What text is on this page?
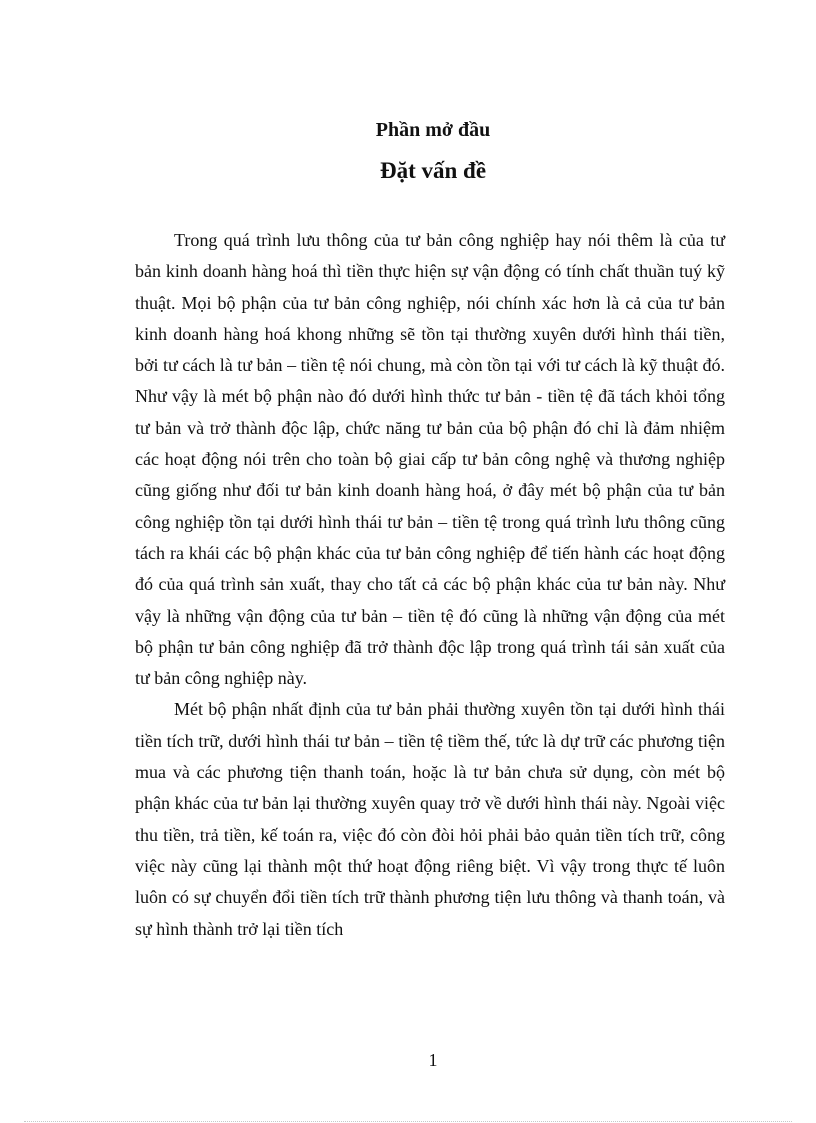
Phần mở đầu
Đặt vấn đề

Trong quá trình lưu thông của tư bản công nghiệp hay nói thêm là của tư bản kinh doanh hàng hoá thì tiền thực hiện sự vận động có tính chất thuần tuý kỹ thuật. Mọi bộ phận của tư bản công nghiệp, nói chính xác hơn là cả của tư bản kinh doanh hàng hoá khong những sẽ tồn tại thường xuyên dưới hình thái tiền, bởi tư cách là tư bản – tiền tệ nói chung, mà còn tồn tại với tư cách là kỹ thuật đó. Như vậy là mét bộ phận nào đó dưới hình thức tư bản - tiền tệ đã tách khỏi tổng tư bản và trở thành độc lập, chức năng tư bản của bộ phận đó chỉ là đảm nhiệm các hoạt động nói trên cho toàn bộ giai cấp tư bản công nghệ và thương nghiệp cũng giống như đối tư bản kinh doanh hàng hoá, ở đây mét bộ phận của tư bản công nghiệp tồn tại dưới hình thái tư bản – tiền tệ trong quá trình lưu thông cũng tách ra khái các bộ phận khác của tư bản công nghiệp để tiến hành các hoạt động đó của quá trình sản xuất, thay cho tất cả các bộ phận khác của tư bản này. Như vậy là những vận động của tư bản – tiền tệ đó cũng là những vận động của mét bộ phận tư bản công nghiệp đã trở thành độc lập trong quá trình tái sản xuất của tư bản công nghiệp này.

Mét bộ phận nhất định của tư bản phải thường xuyên tồn tại dưới hình thái tiền tích trữ, dưới hình thái tư bản – tiền tệ tiềm thế, tức là dự trữ các phương tiện mua và các phương tiện thanh toán, hoặc là tư bản chưa sử dụng, còn mét bộ phận khác của tư bản lại thường xuyên quay trở về dưới hình thái này. Ngoài việc thu tiền, trả tiền, kế toán ra, việc đó còn đòi hỏi phải bảo quản tiền tích trữ, công việc này cũng lại thành một thứ hoạt động riêng biệt. Vì vậy trong thực tế luôn luôn có sự chuyển đổi tiền tích trữ thành phương tiện lưu thông và thanh toán, và sự hình thành trở lại tiền tích

1
